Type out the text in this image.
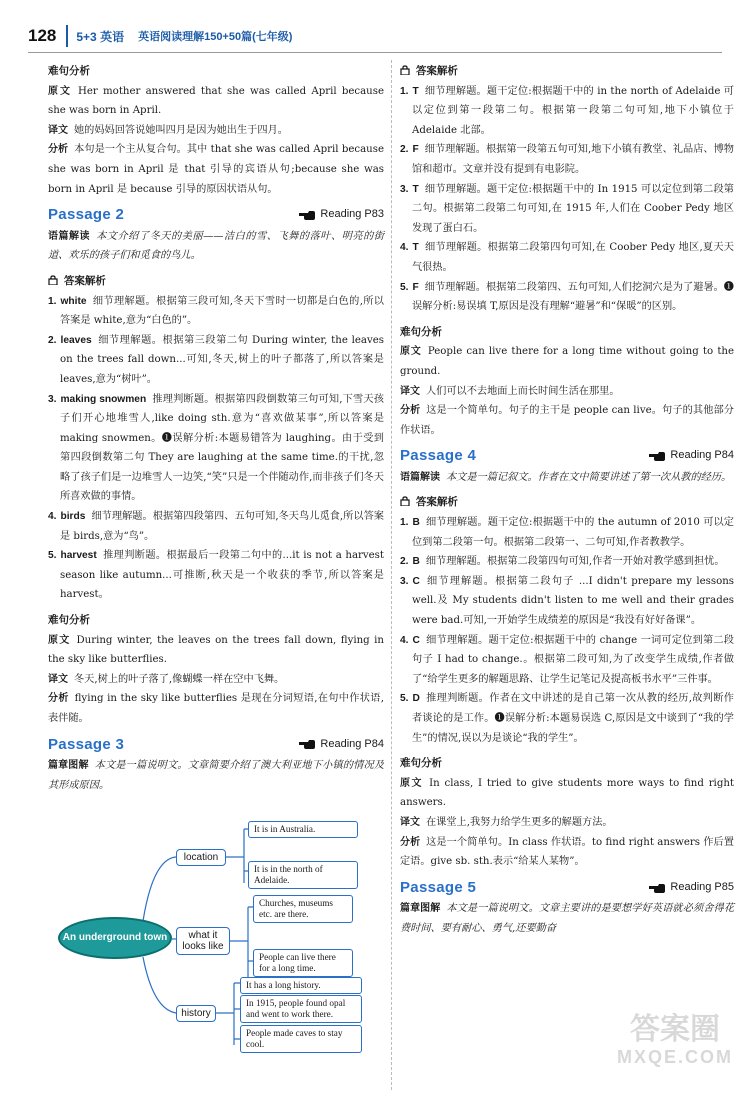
128 5+3 英语 英语阅读理解150+50篇(七年级)
难句分析
原文 Her mother answered that she was called April because she was born in April.
译文 她的妈妈回答说她叫四月是因为她出生于四月。
分析 本句是一个主从复合句。其中 that she was called April because she was born in April 是 that 引导的宾语从句;because she was born in April 是 because 引导的原因状语从句。
Passage 2	Reading P83
语篇解读 本文介绍了冬天的美丽——洁白的雪、飞舞的落叶、明亮的街道、欢乐的孩子们和觅食的鸟儿。
答案解析
1. white 细节理解题。根据第三段可知,冬天下雪时一切都是白色的,所以答案是 white,意为“白色的”。
2. leaves 细节理解题。根据第三段第二句 During winter, the leaves on the trees fall down...可知,冬天,树上的叶子都落了,所以答案是 leaves,意为“树叶”。
3. making snowmen 推理判断题。根据第四段倒数第三句可知,下雪天孩子们开心地堆雪人,like doing sth.意为“喜欢做某事”,所以答案是 making snowmen。❶误解分析:本题易错答为 laughing。由于受到第四段倒数第二句 They are laughing at the same time.的干扰,忽略了孩子们是一边堆雪人一边笑,“笑”只是一个伴随动作,而非孩子们冬天所喜欢做的事情。
4. birds 细节理解题。根据第四段第四、五句可知,冬天鸟儿觅食,所以答案是 birds,意为“鸟”。
5. harvest 推理判断题。根据最后一段第二句中的...it is not a harvest season like autumn...可推断,秋天是一个收获的季节,所以答案是 harvest。
难句分析
原文 During winter, the leaves on the trees fall down, flying in the sky like butterflies.
译文 冬天,树上的叶子落了,像蝴蝶一样在空中飞舞。
分析 flying in the sky like butterflies 是现在分词短语,在句中作状语,表伴随。
Passage 3	Reading P84
篇章图解 本文是一篇说明文。文章简要介绍了澳大利亚地下小镇的情况及其形成原因。
An underground town
location
It is in Australia.
It is in the north of Adelaide.
what it looks like
Churches, museums etc. are there.
People can live there for a long time.
history
It has a long history.
In 1915, people found opal and went to work there.
People made caves to stay cool.
答案解析
1. T 细节理解题。题干定位:根据题干中的 in the north of Adelaide 可以定位到第一段第二句。根据第一段第二句可知,地下小镇位于 Adelaide 北部。
2. F 细节理解题。根据第一段第五句可知,地下小镇有教堂、礼品店、博物馆和超市。文章并没有提到有电影院。
3. T 细节理解题。题干定位:根据题干中的 In 1915 可以定位到第二段第二句。根据第二段第二句可知,在 1915 年,人们在 Coober Pedy 地区发现了蛋白石。
4. T 细节理解题。根据第二段第四句可知,在 Coober Pedy 地区,夏天天气很热。
5. F 细节理解题。根据第二段第四、五句可知,人们挖洞穴是为了避暑。❶误解分析:易误填 T,原因是没有理解“避暑”和“保暖”的区别。
难句分析
原文 People can live there for a long time without going to the ground.
译文 人们可以不去地面上而长时间生活在那里。
分析 这是一个简单句。句子的主干是 people can live。句子的其他部分作状语。
Passage 4	Reading P84
语篇解读 本文是一篇记叙文。作者在文中简要讲述了第一次从教的经历。
答案解析
1. B 细节理解题。题干定位:根据题干中的 the autumn of 2010 可以定位到第二段第一句。根据第二段第一、二句可知,作者教教学。
2. B 细节理解题。根据第二段第四句可知,作者一开始对教学感到担忧。
3. C 细节理解题。根据第二段句子 ...I didn't prepare my lessons well.及 My students didn't listen to me well and their grades were bad.可知,一开始学生成绩差的原因是“我没有好好备课”。
4. C 细节理解题。题干定位:根据题干中的 change 一词可定位到第二段句子 I had to change.。根据第二段可知,为了改变学生成绩,作者做了“给学生更多的解题思路、让学生记笔记及提高板书水平”三件事。
5. D 推理判断题。作者在文中讲述的是自己第一次从教的经历,故判断作者谈论的是工作。❶误解分析:本题易误选 C,原因是文中谈到了“我的学生”的情况,误以为是谈论“我的学生”。
难句分析
原文 In class, I tried to give students more ways to find right answers.
译文 在课堂上,我努力给学生更多的解题方法。
分析 这是一个简单句。In class 作状语。to find right answers 作后置定语。give sb. sth.表示“给某人某物”。
Passage 5	Reading P85
篇章图解 本文是一篇说明文。文章主要讲的是要想学好英语就必须舍得花费时间、要有耐心、勇气,还要勤奋
答案圈
MXQE.COM
